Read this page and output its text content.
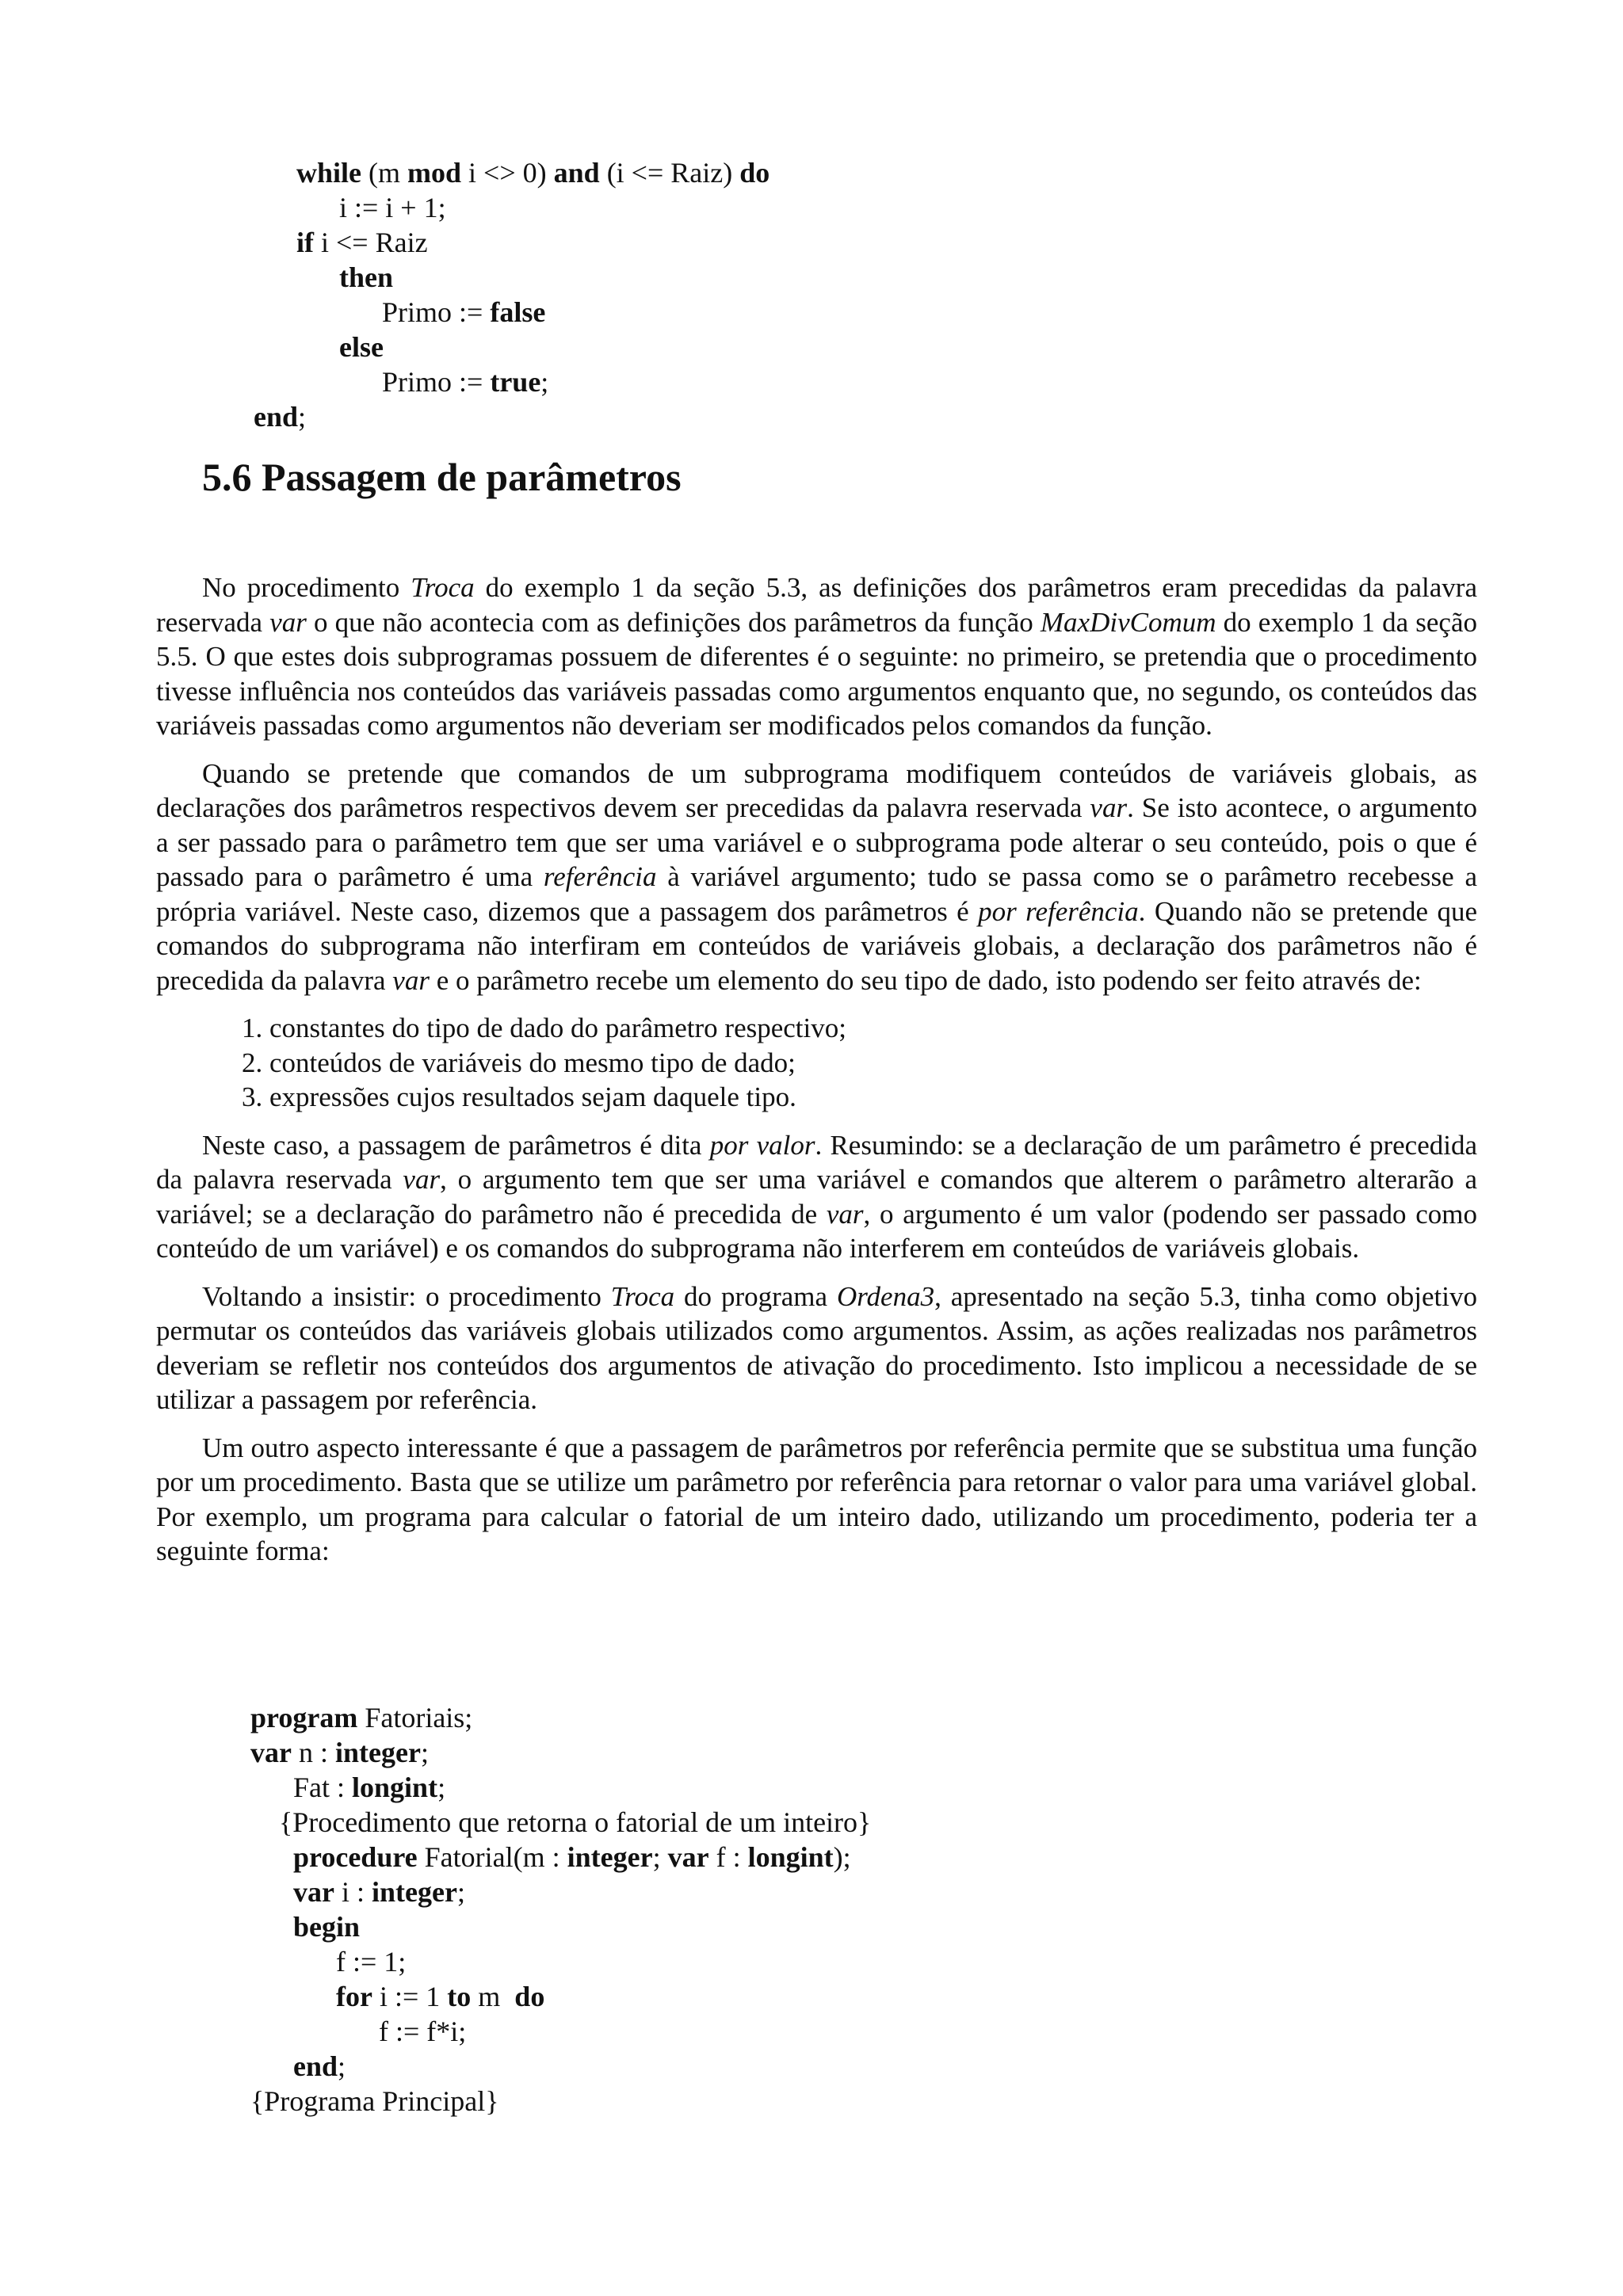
while (m mod i <> 0) and (i <= Raiz) do
i := i + 1;
if i <= Raiz
then
Primo := false
else
Primo := true;
end;
5.6 Passagem de parâmetros

No procedimento Troca do exemplo 1 da seção 5.3, as definições dos parâmetros eram precedidas da palavra reservada var o que não acontecia com as definições dos parâmetros da função MaxDivComum do exemplo 1 da seção 5.5. O que estes dois subprogramas possuem de diferentes é o seguinte: no primeiro, se pretendia que o procedimento tivesse influência nos conteúdos das variáveis passadas como argumentos enquanto que, no segundo, os conteúdos das variáveis passadas como argumentos não deveriam ser modificados pelos comandos da função.

Quando se pretende que comandos de um subprograma modifiquem conteúdos de variáveis globais, as declarações dos parâmetros respectivos devem ser precedidas da palavra reservada var. Se isto acontece, o argumento a ser passado para o parâmetro tem que ser uma variável e o subprograma pode alterar o seu conteúdo, pois o que é passado para o parâmetro é uma referência à variável argumento; tudo se passa como se o parâmetro recebesse a própria variável. Neste caso, dizemos que a passagem dos parâmetros é por referência. Quando não se pretende que comandos do subprograma não interfiram em conteúdos de variáveis globais, a declaração dos parâmetros não é precedida da palavra var e o parâmetro recebe um elemento do seu tipo de dado, isto podendo ser feito através de:

1. constantes do tipo de dado do parâmetro respectivo;
2. conteúdos de variáveis do mesmo tipo de dado;
3. expressões cujos resultados sejam daquele tipo.

Neste caso, a passagem de parâmetros é dita por valor. Resumindo: se a declaração de um parâmetro é precedida da palavra reservada var, o argumento tem que ser uma variável e comandos que alterem o parâmetro alterarão a variável; se a declaração do parâmetro não é precedida de var, o argumento é um valor (podendo ser passado como conteúdo de um variável) e os comandos do subprograma não interferem em conteúdos de variáveis globais.

Voltando a insistir: o procedimento Troca do programa Ordena3, apresentado na seção 5.3, tinha como objetivo permutar os conteúdos das variáveis globais utilizados como argumentos. Assim, as ações realizadas nos parâmetros deveriam se refletir nos conteúdos dos argumentos de ativação do procedimento. Isto implicou a necessidade de se utilizar a passagem por referência.

Um outro aspecto interessante é que a passagem de parâmetros por referência permite que se substitua uma função por um procedimento. Basta que se utilize um parâmetro por referência para retornar o valor para uma variável global. Por exemplo, um programa para calcular o fatorial de um inteiro dado, utilizando um procedimento, poderia ter a seguinte forma:

program Fatoriais;
var n : integer;
Fat : longint;
{Procedimento que retorna o fatorial de um inteiro}
procedure Fatorial(m : integer; var f : longint);
var i : integer;
begin
f := 1;
for i := 1 to m  do
f := f*i;
end;
{Programa Principal}
